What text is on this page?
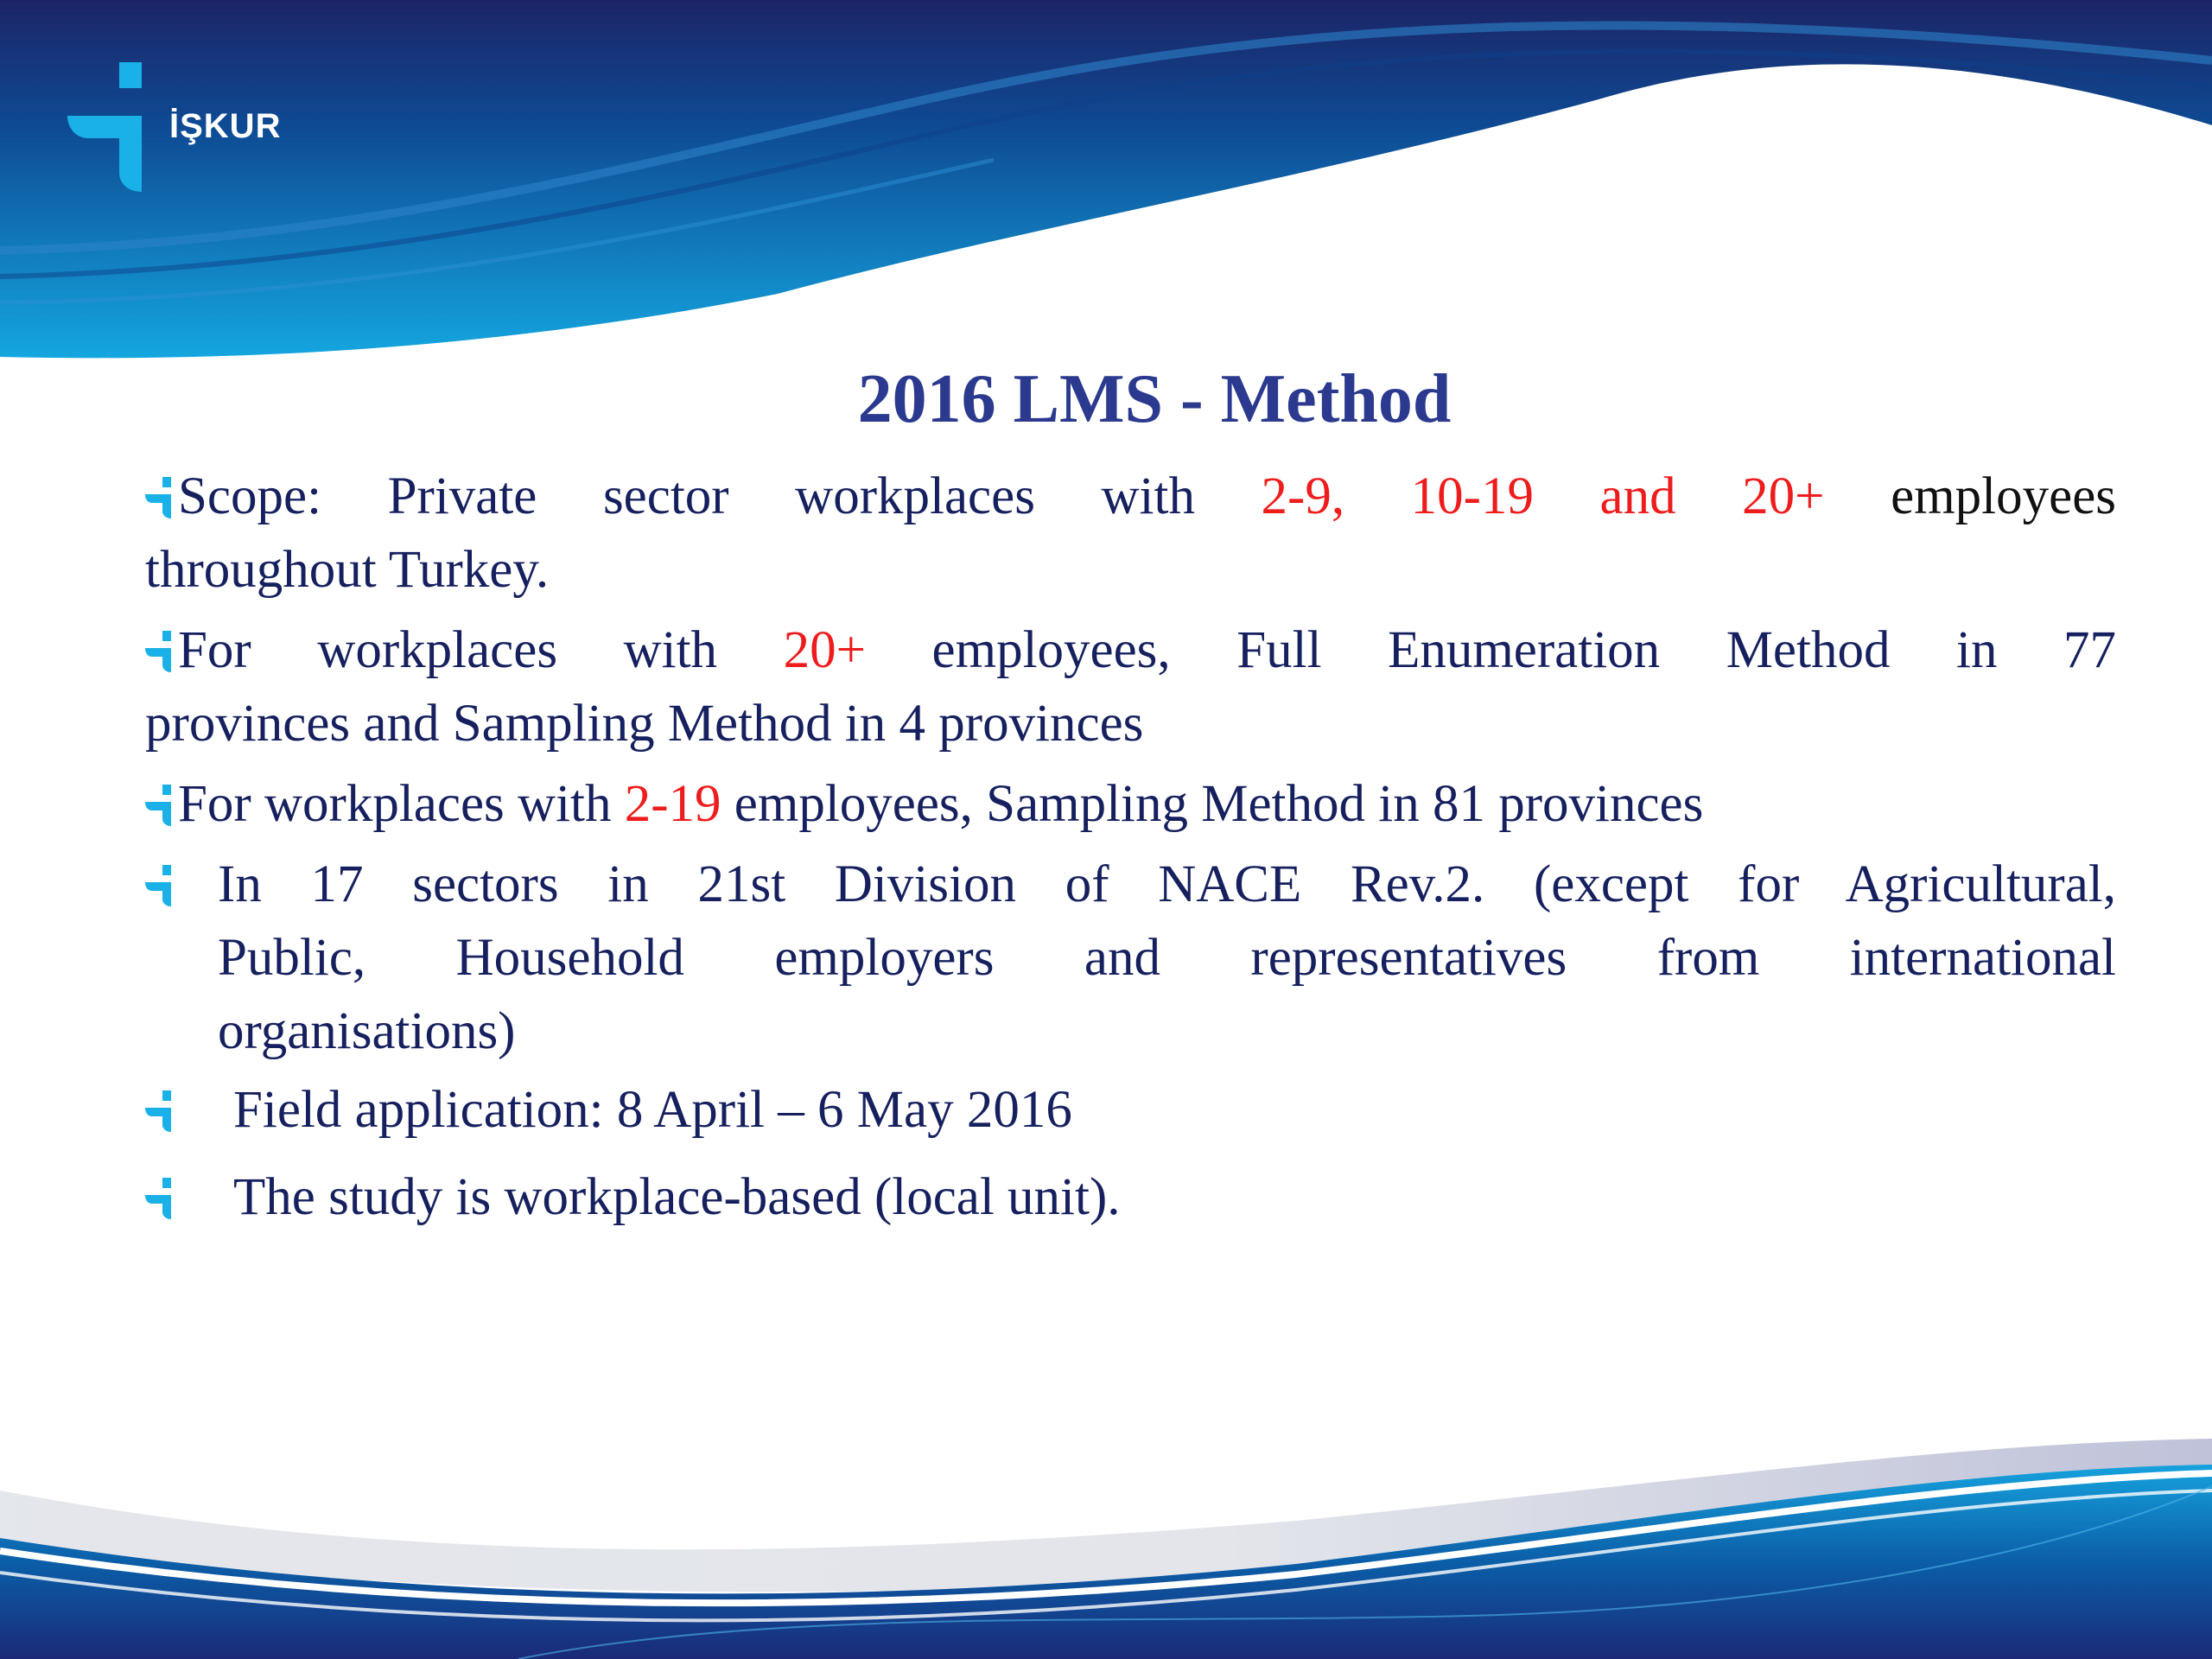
İŞKUR
2016 LMS - Method
Scope: Private sector workplaces with 2-9, 10-19 and 20+ employees
throughout Turkey.
For workplaces with 20+ employees, Full Enumeration Method in 77
provinces and Sampling Method in 4 provinces
For workplaces with 2-19 employees, Sampling Method in 81 provinces
In 17 sectors in 21st Division of NACE Rev.2. (except for Agricultural,
Public, Household employers and representatives from international
organisations)
Field application: 8 April – 6 May 2016
The study is workplace-based (local unit).
